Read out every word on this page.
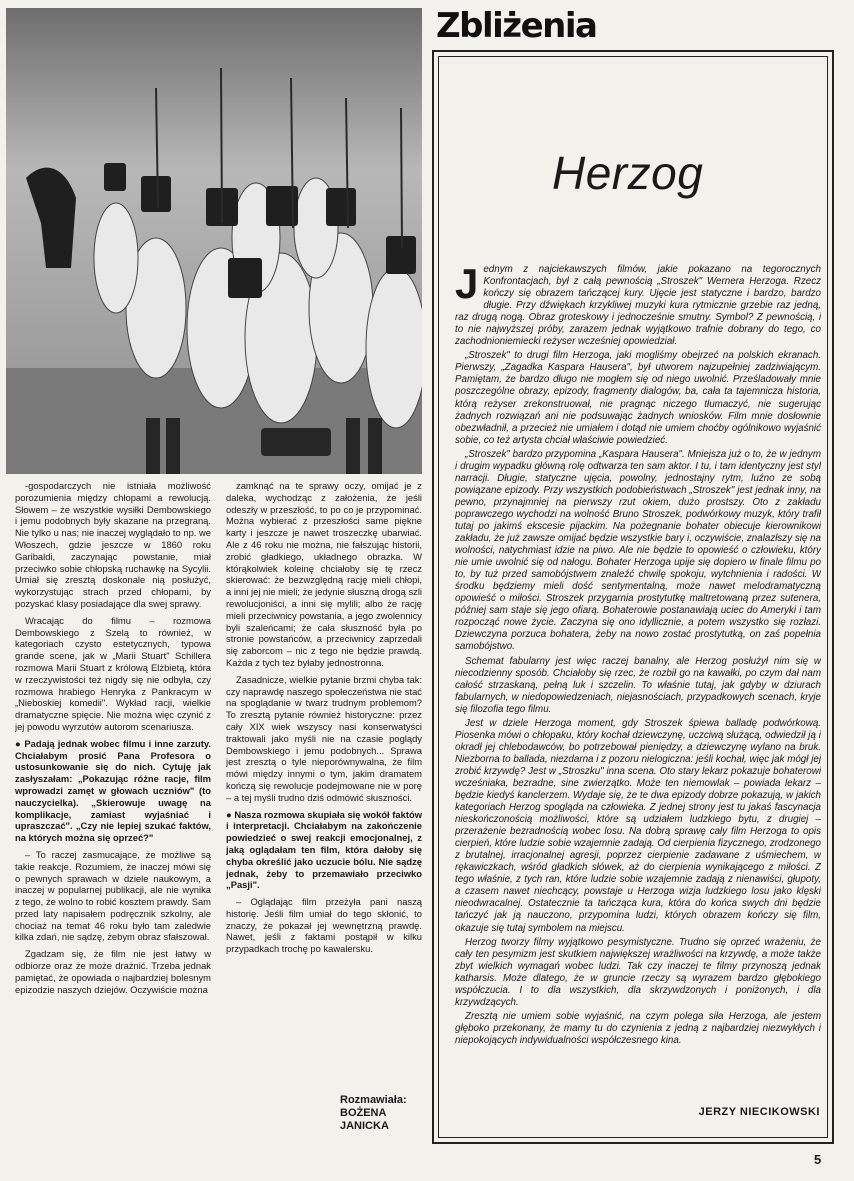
-gospodarczych nie istniała możliwość porozumienia między chłopami a rewolucją. Słowem – że wszystkie wysiłki Dembowskiego i jemu podobnych były skazane na przegraną. Nie tylko u nas; nie inaczej wyglądało to np. we Włoszech, gdzie jeszcze w 1860 roku Garibaldi, zaczynając powstanie, miał przeciwko sobie chłopską ruchawkę na Sycylii. Umiał się zresztą doskonale nią posłużyć, wykorzystując strach przed chłopami, by pozyskać klasy posiadające dla swej sprawy.

Wracając do filmu – rozmowa Dembowskiego z Szelą to również, w kategoriach czysto estetycznych, typowa grande scene, jak w „Marii Stuart" Schillera rozmowa Marii Stuart z królową Elżbietą, która w rzeczywistości też nigdy się nie odbyła, czy rozmowa hrabiego Henryka z Pankracym w „Nieboskiej komedii". Wykład racji, wielkie dramatyczne spięcie. Nie można więc czynić z jej powodu wyrzutów autorom scenariusza.

● Padają jednak wobec filmu i inne zarzuty. Chciałabym prosić Pana Profesora o ustosunkowanie się do nich. Cytuję jak zasłyszałam: „Pokazując różne racje, film wprowadzi zamęt w głowach uczniów" (to nauczycielka). „Skierowuje uwagę na komplikacje, zamiast wyjaśniać i upraszczać". „Czy nie lepiej szukać faktów, na których można się oprzeć?"

– To raczej zasmucające, że możliwe są takie reakcje. Rozumiem, że inaczej mówi się o pewnych sprawach w dziele naukowym, a inaczej w popularnej publikacji, ale nie wynika z tego, że wolno to robić kosztem prawdy. Sam przed laty napisałem podręcznik szkolny, ale chociaż na temat 46 roku było tam zaledwie kilka zdań, nie sądzę, żebym obraz sfałszował.

Zgadzam się, że film nie jest łatwy w odbiorze oraz że może drażnić. Trzeba jednak pamiętać, że opowiada o najbardziej bolesnym epizodzie naszych dziejów. Oczywiście można

zamknąć na te sprawy oczy, omijać je z daleka, wychodząc z założenia, że jeśli odeszły w przeszłość, to po co je przypominać. Można wybierać z przeszłości same piękne karty i jeszcze je nawet troszeczkę ubarwiać. Ale z 46 roku nie można, nie fałszując historii, zrobić gładkiego, układnego obrazka. W którąkolwiek koleinę chciałoby się tę rzecz skierować: że bezwzględną rację mieli chłopi, a inni jej nie mieli; że jedynie słuszną drogą szli rewolucjoniści, a inni się mylili; albo że rację mieli przeciwnicy powstania, a jego zwolennicy byli szaleńcami; że cała słuszność była po stronie powstańców, a przeciwnicy zaprzedali się zaborcom – nic z tego nie będzie prawdą. Każda z tych tez byłaby jednostronna.

Zasadnicze, wielkie pytanie brzmi chyba tak: czy naprawdę naszego społeczeństwa nie stać na spoglądanie w twarz trudnym problemom? To zresztą pytanie również historyczne: przez cały XIX wiek wszyscy nasi konserwatyści traktowali jako myśli nie na czasie poglądy Dembowskiego i jemu podobnych... Sprawa jest zresztą o tyle nieporównywalna, że film mówi między innymi o tym, jakim dramatem kończą się rewolucje podejmowane nie w porę – a tej myśli trudno dziś odmówić słuszności.

● Nasza rozmowa skupiała się wokół faktów i interpretacji. Chciałabym na zakończenie powiedzieć o swej reakcji emocjonalnej, z jaką oglądałam ten film, która dałoby się chyba określić jako uczucie bólu. Nie sądzę jednak, żeby to przemawiało przeciwko „Pasji".

– Oglądając film przeżyła pani naszą historię. Jeśli film umiał do tego skłonić, to znaczy, że pokazał jej wewnętrzną prawdę. Nawet, jeśli z faktami postąpił w kilku przypadkach trochę po kawalersku.

Rozmawiała:
BOŻENA
JANICKA
Zbliżenia
Herzog

Jednym z najciekawszych filmów, jakie pokazano na tegorocznych Konfrontacjach, był z całą pewnością „Stroszek" Wernera Herzoga. Rzecz kończy się obrazem tańczącej kury. Ujęcie jest statyczne i bardzo, bardzo długie. Przy dźwiękach krzykliwej muzyki kura rytmicznie grzebie raz jedną, raz drugą nogą. Obraz groteskowy i jednocześnie smutny. Symbol? Z pewnością, i to nie najwyższej próby, zarazem jednak wyjątkowo trafnie dobrany do tego, co zachodnioniemiecki reżyser wcześniej opowiedział.

„Stroszek" to drugi film Herzoga, jaki mogliśmy obejrzeć na polskich ekranach. Pierwszy, „Zagadka Kaspara Hausera", był utworem najzupełniej zadziwiającym. Pamiętam, że bardzo długo nie mogłem się od niego uwolnić. Prześladowały mnie poszczególne obrazy, epizody, fragmenty dialogów, ba, cała ta tajemnicza historia, którą reżyser zrekonstruował, nie pragnąc niczego tłumaczyć, nie sugerując żadnych rozwiązań ani nie podsuwając żadnych wniosków. Film mnie dosłownie obezwładnił, a przecież nie umiałem i dotąd nie umiem choćby ogólnikowo wyjaśnić sobie, co też artysta chciał właściwie powiedzieć.

„Stroszek" bardzo przypomina „Kaspara Hausera". Mniejsza już o to, że w jednym i drugim wypadku główną rolę odtwarza ten sam aktor. I tu, i tam identyczny jest styl narracji. Długie, statyczne ujęcia, powolny, jednostajny rytm, luźno ze sobą powiązane epizody. Przy wszystkich podobieństwach „Stroszek" jest jednak inny, na pewno, przynajmniej na pierwszy rzut okiem, dużo prostszy. Oto z zakładu poprawczego wychodzi na wolność Bruno Stroszek, podwórkowy muzyk, który trafił tutaj po jakimś ekscesie pijackim. Na pożegnanie bohater obiecuje kierownikowi zakładu, że już zawsze omijać będzie wszystkie bary i, oczywiście, znalazłszy się na wolności, natychmiast idzie na piwo. Ale nie będzie to opowieść o człowieku, który nie umie uwolnić się od nałogu. Bohater Herzoga upije się dopiero w finale filmu po to, by tuż przed samobójstwem znaleźć chwilę spokoju, wytchnienia i radości. W środku będziemy mieli dość sentymentalną, może nawet melodramatyczną opowieść o miłości. Stroszek przygarnia prostytutkę maltretowaną przez sutenera, później sam staje się jego ofiarą. Bohaterowie postanawiają uciec do Ameryki i tam rozpocząć nowe życie. Zaczyna się ono idyllicznie, a potem wszystko się rozłazi. Dziewczyna porzuca bohatera, żeby na nowo zostać prostytutką, on zaś popełnia samobójstwo.

Schemat fabularny jest więc raczej banalny, ale Herzog posłużył nim się w niecodzienny sposób. Chciałoby się rzec, że rozbił go na kawałki, po czym dał nam całość strzaskaną, pełną luk i szczelin. To właśnie tutaj, jak gdyby w dziurach fabularnych, w niedopowiedzeniach, niejasnościach, przypadkowych scenach, kryje się filozofia tego filmu.

Jest w dziele Herzoga moment, gdy Stroszek śpiewa balladę podwórkową. Piosenka mówi o chłopaku, który kochał dziewczynę, uczciwą służącą, odwiedził ją i okradł jej chlebodawców, bo potrzebował pieniędzy, a dziewczynę wylano na bruk. Niezborna to ballada, niezdarna i z pozoru nielogiczna: jeśli kochał, więc jak mógł jej zrobić krzywdę? Jest w „Stroszku" inna scena. Oto stary lekarz pokazuje bohaterowi wcześniaka, bezradne, sine zwierzątko. Może ten niemowlak – powiada lekarz – będzie kiedyś kanclerzem. Wydaje się, że te dwa epizody dobrze pokazują, w jakich kategoriach Herzog spogląda na człowieka. Z jednej strony jest tu jakaś fascynacja nieskończonością możliwości, które są udziałem ludzkiego bytu, z drugiej – przerażenie bezradnością wobec losu. Na dobrą sprawę cały film Herzoga to opis cierpień, które ludzie sobie wzajemnie zadają. Od cierpienia fizycznego, zrodzonego z brutalnej, irracjonalnej agresji, poprzez cierpienie zadawane z uśmiechem, w rękawiczkach, wśród gładkich słówek, aż do cierpienia wynikającego z miłości. Z tego właśnie, z tych ran, które ludzie sobie wzajemnie zadają z nienawiści, głupoty, a czasem nawet niechcący, powstaje u Herzoga wizja ludzkiego losu jako klęski nieodwracalnej. Ostatecznie ta tańcząca kura, która do końca swych dni będzie tańczyć jak ją nauczono, przypomina ludzi, których obrazem kończy się film, okazuje się tutaj symbolem na miejscu.

Herzog tworzy filmy wyjątkowo pesymistyczne. Trudno się oprzeć wrażeniu, że cały ten pesymizm jest skutkiem największej wrażliwości na krzywdę, a może także zbyt wielkich wymagań wobec ludzi. Tak czy inaczej te filmy przynoszą jednak katharsis. Może dlatego, że w gruncie rzeczy są wyrazem bardzo głębokiego współczucia. I to dla wszystkich, dla skrzywdzonych i poniżonych, i dla krzywdzących.

Zresztą nie umiem sobie wyjaśnić, na czym polega siła Herzoga, ale jestem głęboko przekonany, że mamy tu do czynienia z jedną z najbardziej niezwykłych i niepokojących indywidualności współczesnego kina.

JERZY NIECIKOWSKI
5
